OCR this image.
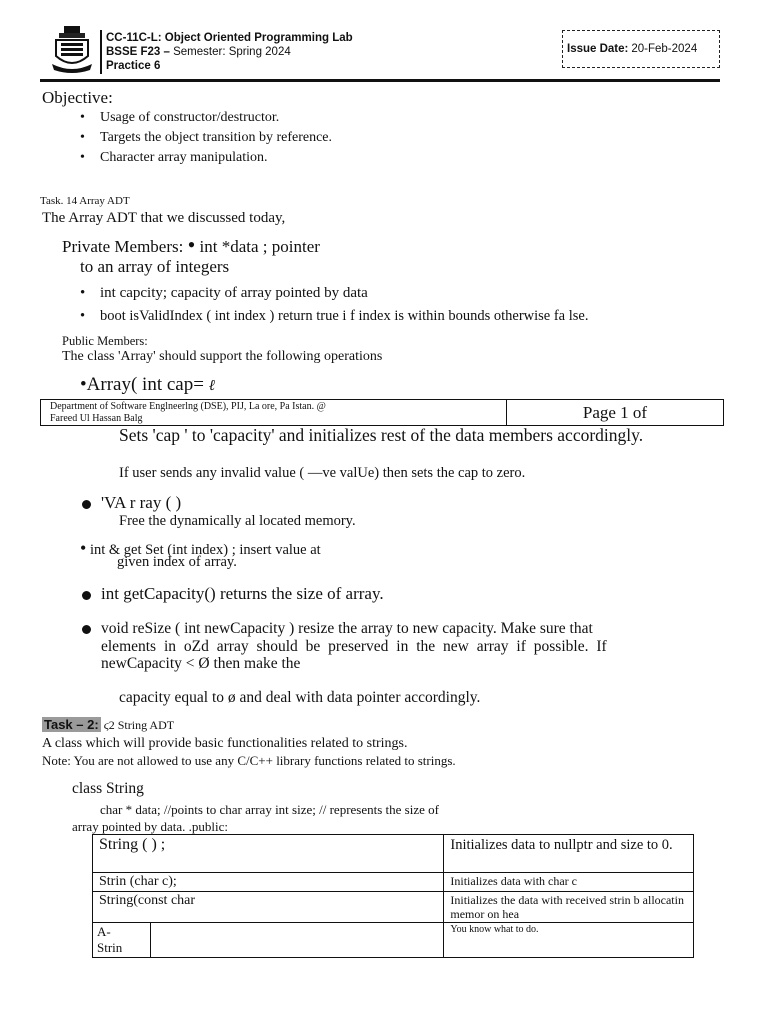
CC-11C-L: Object Oriented Programming Lab
BSSE F23 – Semester: Spring 2024
Practice 6
Issue Date: 20-Feb-2024
Objective:
• Usage of constructor/destructor.
• Targets the object transition by reference.
• Character array manipulation.
Task. 14 Array ADT
The Array ADT that we discussed today,
Private Members: • int *data ; pointer
to an array of integers
• int capcity; capacity of array pointed by data
• boot isValidIndex ( int index ) return true i f index is within bounds otherwise fa lse.
Public Members:
The class 'Array' should support the following operations
•Array( int cap= ℓ
Department of Software Englneerlng (DSE), PIJ, La ore, Pa Istan. @
Fareed Ul Hassan Balg	Page 1 of
Sets 'cap ' to 'capacity' and initializes rest of the data members accordingly.
If user sends any invalid value ( —ve valUe) then sets the cap to zero.
'VA r ray ( )
Free the dynamically al located memory.
• int & get Set (int index) ; insert value at
given index of array.
int getCapacity() returns the size of array.
void reSize ( int newCapacity ) resize the array to new capacity. Make sure that
elements in oZd array should be preserved in the new array if possible. If
newCapacity < Ø then make the
capacity equal to ø and deal with data pointer accordingly.
Task – 2: ϛ2 String ADT
A class which will provide basic functionalities related to strings.
Note: You are not allowed to use any C/C++ library functions related to strings.
class String
char * data; //points to char array int size; // represents the size of
array pointed by data. .public:
String ( ) ;	Initializes data to nullptr and size to 0.
Strin (char c);	Initializes data with char c
String(const char	Initializes the data with received strin b allocatin memor on hea

A-
Strin	You know what to do.
